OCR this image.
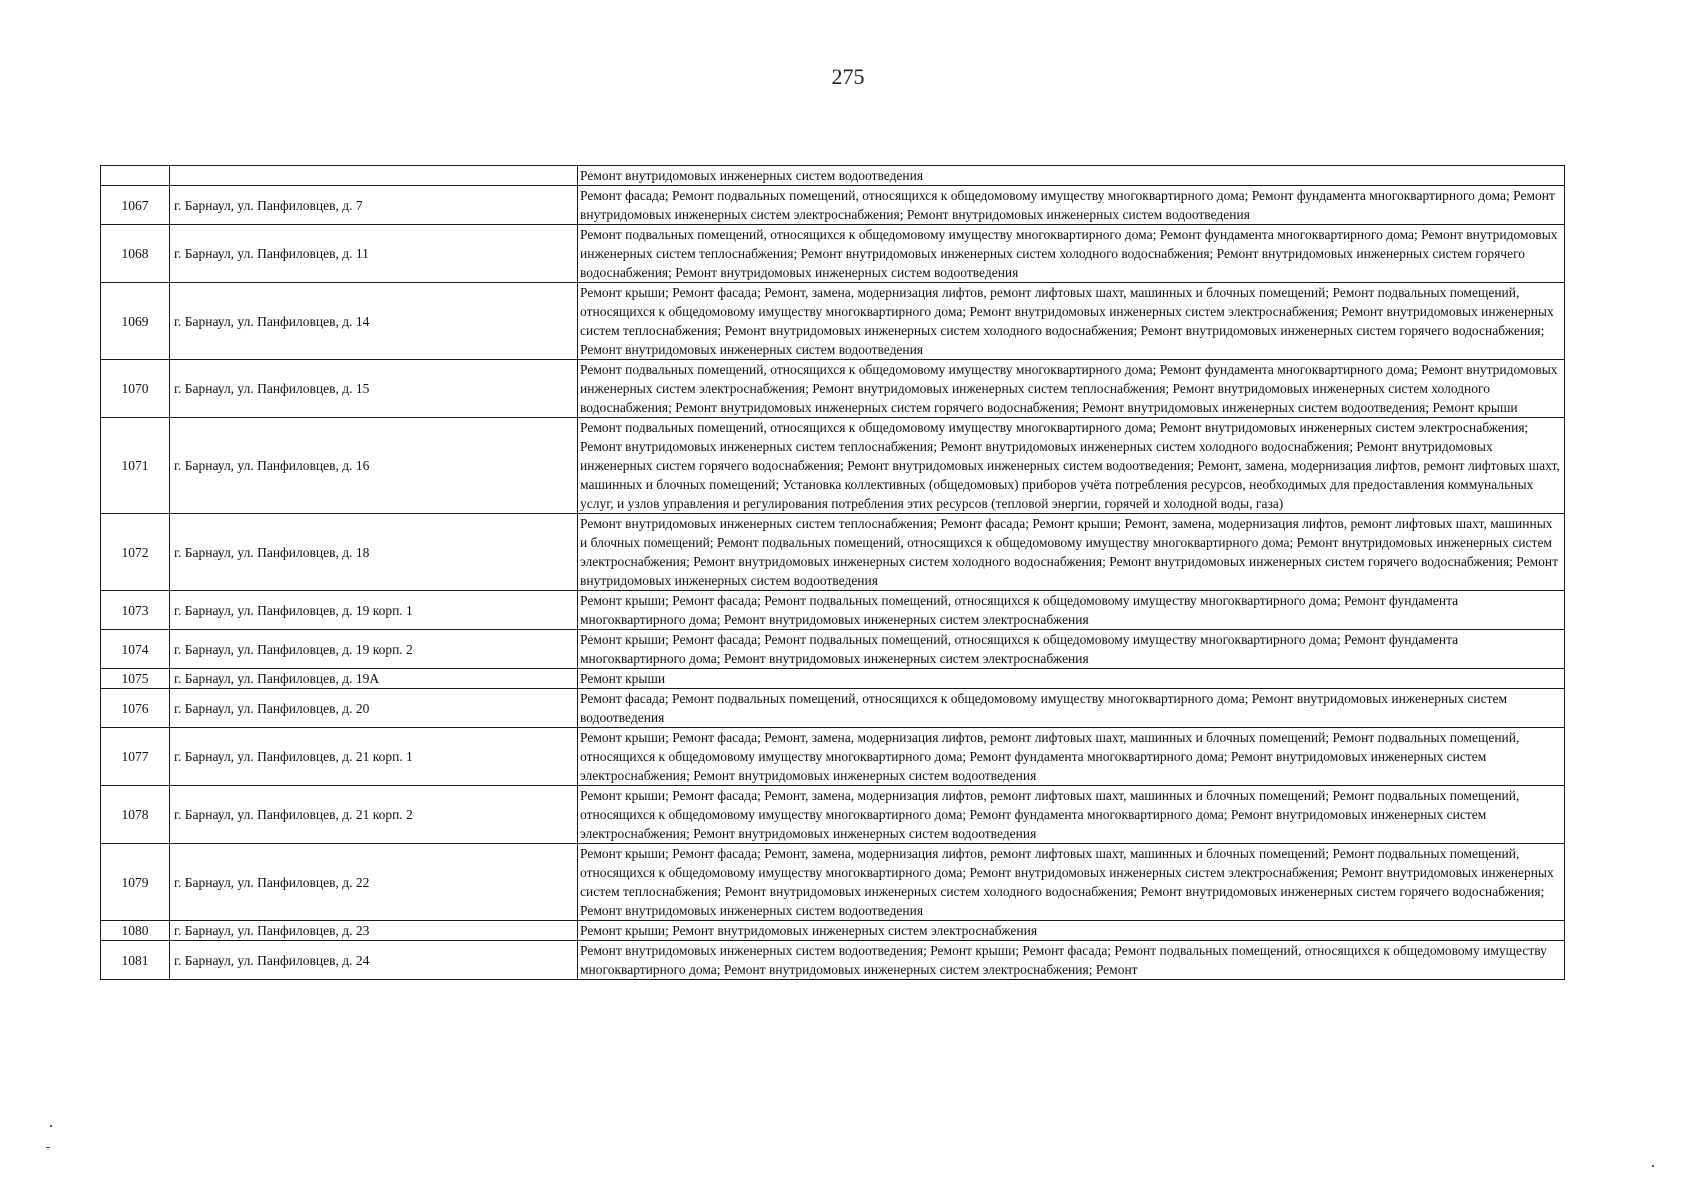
275
		Ремонт внутридомовых инженерных систем водоотведения
1067	г. Барнаул, ул. Панфиловцев, д. 7	Ремонт фасада; Ремонт подвальных помещений, относящихся к общедомовому имуществу многоквартирного дома; Ремонт фундамента многоквартирного дома; Ремонт внутридомовых инженерных систем электроснабжения; Ремонт внутридомовых инженерных систем водоотведения
1068	г. Барнаул, ул. Панфиловцев, д. 11	Ремонт подвальных помещений, относящихся к общедомовому имуществу многоквартирного дома; Ремонт фундамента многоквартирного дома; Ремонт внутридомовых инженерных систем теплоснабжения; Ремонт внутридомовых инженерных систем холодного водоснабжения; Ремонт внутридомовых инженерных систем горячего водоснабжения; Ремонт внутридомовых инженерных систем водоотведения
1069	г. Барнаул, ул. Панфиловцев, д. 14	Ремонт крыши; Ремонт фасада; Ремонт, замена, модернизация лифтов, ремонт лифтовых шахт, машинных и блочных помещений; Ремонт подвальных помещений, относящихся к общедомовому имуществу многоквартирного дома; Ремонт внутридомовых инженерных систем электроснабжения; Ремонт внутридомовых инженерных систем теплоснабжения; Ремонт внутридомовых инженерных систем холодного водоснабжения; Ремонт внутридомовых инженерных систем горячего водоснабжения; Ремонт внутридомовых инженерных систем водоотведения
1070	г. Барнаул, ул. Панфиловцев, д. 15	Ремонт подвальных помещений, относящихся к общедомовому имуществу многоквартирного дома; Ремонт фундамента многоквартирного дома; Ремонт внутридомовых инженерных систем электроснабжения; Ремонт внутридомовых инженерных систем теплоснабжения; Ремонт внутридомовых инженерных систем холодного водоснабжения; Ремонт внутридомовых инженерных систем горячего водоснабжения; Ремонт внутридомовых инженерных систем водоотведения; Ремонт крыши
1071	г. Барнаул, ул. Панфиловцев, д. 16	Ремонт подвальных помещений, относящихся к общедомовому имуществу многоквартирного дома; Ремонт внутридомовых инженерных систем электроснабжения; Ремонт внутридомовых инженерных систем теплоснабжения; Ремонт внутридомовых инженерных систем холодного водоснабжения; Ремонт внутридомовых инженерных систем горячего водоснабжения; Ремонт внутридомовых инженерных систем водоотведения; Ремонт, замена, модернизация лифтов, ремонт лифтовых шахт, машинных и блочных помещений; Установка коллективных (общедомовых) приборов учёта потребления ресурсов, необходимых для предоставления коммунальных услуг, и узлов управления и регулирования потребления этих ресурсов (тепловой энергии, горячей и холодной воды, газа)
1072	г. Барнаул, ул. Панфиловцев, д. 18	Ремонт внутридомовых инженерных систем теплоснабжения; Ремонт фасада; Ремонт крыши; Ремонт, замена, модернизация лифтов, ремонт лифтовых шахт, машинных и блочных помещений; Ремонт подвальных помещений, относящихся к общедомовому имуществу многоквартирного дома; Ремонт внутридомовых инженерных систем электроснабжения; Ремонт внутридомовых инженерных систем холодного водоснабжения; Ремонт внутридомовых инженерных систем горячего водоснабжения; Ремонт внутридомовых инженерных систем водоотведения
1073	г. Барнаул, ул. Панфиловцев, д. 19 корп. 1	Ремонт крыши; Ремонт фасада; Ремонт подвальных помещений, относящихся к общедомовому имуществу многоквартирного дома; Ремонт фундамента многоквартирного дома; Ремонт внутридомовых инженерных систем электроснабжения
1074	г. Барнаул, ул. Панфиловцев, д. 19 корп. 2	Ремонт крыши; Ремонт фасада; Ремонт подвальных помещений, относящихся к общедомовому имуществу многоквартирного дома; Ремонт фундамента многоквартирного дома; Ремонт внутридомовых инженерных систем электроснабжения
1075	г. Барнаул, ул. Панфиловцев, д. 19А	Ремонт крыши
1076	г. Барнаул, ул. Панфиловцев, д. 20	Ремонт фасада; Ремонт подвальных помещений, относящихся к общедомовому имуществу многоквартирного дома; Ремонт внутридомовых инженерных систем водоотведения
1077	г. Барнаул, ул. Панфиловцев, д. 21 корп. 1	Ремонт крыши; Ремонт фасада; Ремонт, замена, модернизация лифтов, ремонт лифтовых шахт, машинных и блочных помещений; Ремонт подвальных помещений, относящихся к общедомовому имуществу многоквартирного дома; Ремонт фундамента многоквартирного дома; Ремонт внутридомовых инженерных систем электроснабжения; Ремонт внутридомовых инженерных систем водоотведения
1078	г. Барнаул, ул. Панфиловцев, д. 21 корп. 2	Ремонт крыши; Ремонт фасада; Ремонт, замена, модернизация лифтов, ремонт лифтовых шахт, машинных и блочных помещений; Ремонт подвальных помещений, относящихся к общедомовому имуществу многоквартирного дома; Ремонт фундамента многоквартирного дома; Ремонт внутридомовых инженерных систем электроснабжения; Ремонт внутридомовых инженерных систем водоотведения
1079	г. Барнаул, ул. Панфиловцев, д. 22	Ремонт крыши; Ремонт фасада; Ремонт, замена, модернизация лифтов, ремонт лифтовых шахт, машинных и блочных помещений; Ремонт подвальных помещений, относящихся к общедомовому имуществу многоквартирного дома; Ремонт внутридомовых инженерных систем электроснабжения; Ремонт внутридомовых инженерных систем теплоснабжения; Ремонт внутридомовых инженерных систем холодного водоснабжения; Ремонт внутридомовых инженерных систем горячего водоснабжения; Ремонт внутридомовых инженерных систем водоотведения
1080	г. Барнаул, ул. Панфиловцев, д. 23	Ремонт крыши; Ремонт внутридомовых инженерных систем электроснабжения
1081	г. Барнаул, ул. Панфиловцев, д. 24	Ремонт внутридомовых инженерных систем водоотведения; Ремонт крыши; Ремонт фасада; Ремонт подвальных помещений, относящихся к общедомовому имуществу многоквартирного дома; Ремонт внутридомовых инженерных систем электроснабжения; Ремонт
